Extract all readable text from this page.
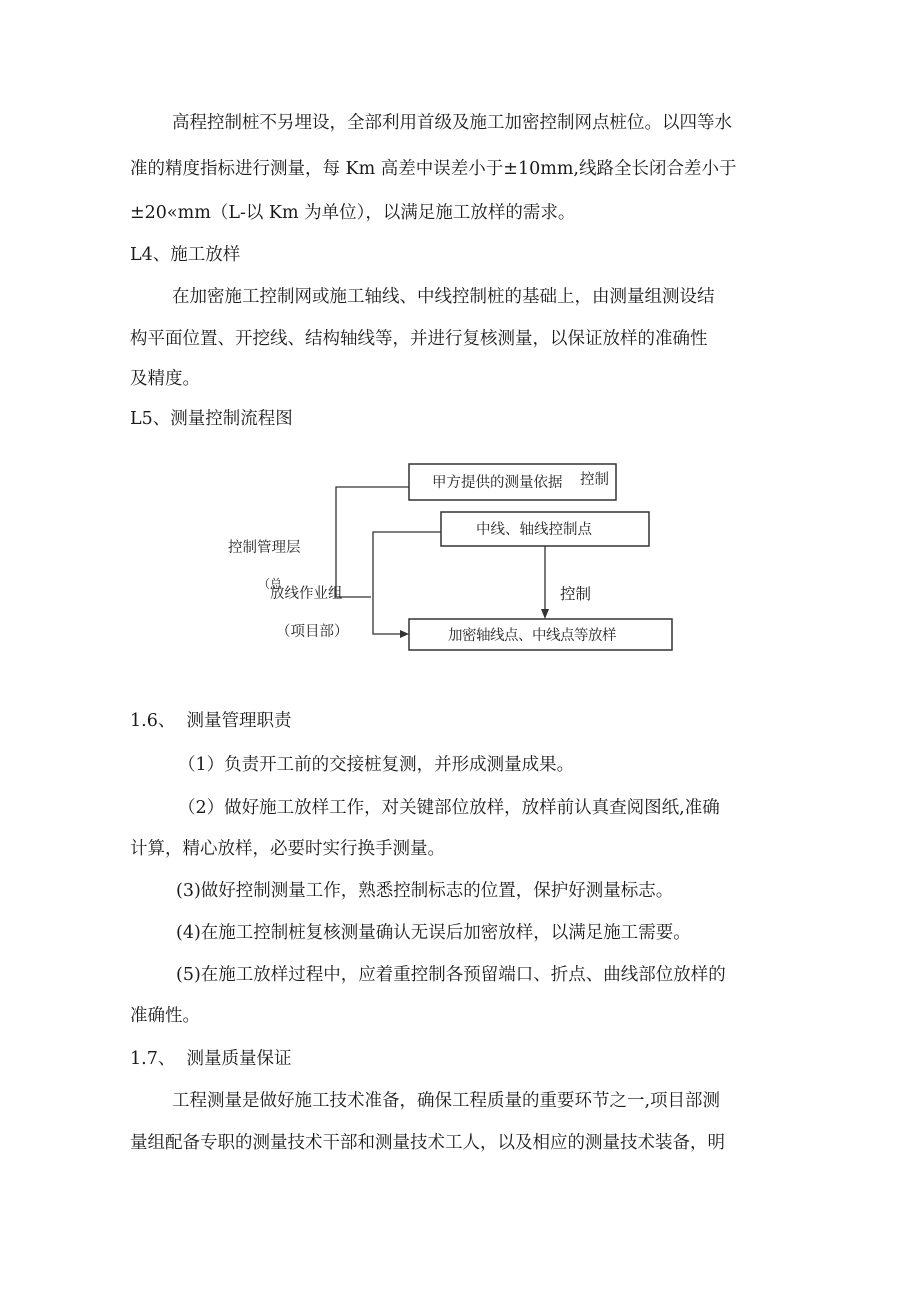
高程控制桩不另埋设，全部利用首级及施工加密控制网点桩位。以四等水
准的精度指标进行测量，每 Km 高差中误差小于±10mm,线路全长闭合差小于
±20«mm（L-以 Km 为单位），以满足施工放样的需求。
L4、施工放样
在加密施工控制网或施工轴线、中线控制桩的基础上，由测量组测设结
构平面位置、开挖线、结构轴线等，并进行复核测量，以保证放样的准确性
及精度。
L5、测量控制流程图
甲方提供的测量依据 控制
中线、轴线控制点
加密轴线点、中线点等放样
控制
控制管理层
（总
放线作业组
（项目部）
1.6、  测量管理职责
（1）负责开工前的交接桩复测，并形成测量成果。
（2）做好施工放样工作，对关键部位放样，放样前认真查阅图纸,准确
计算，精心放样，必要时实行换手测量。
(3)做好控制测量工作，熟悉控制标志的位置，保护好测量标志。
(4)在施工控制桩复核测量确认无误后加密放样，以满足施工需要。
(5)在施工放样过程中，应着重控制各预留端口、折点、曲线部位放样的
准确性。
1.7、  测量质量保证
工程测量是做好施工技术准备，确保工程质量的重要环节之一,项目部测
量组配备专职的测量技术干部和测量技术工人，以及相应的测量技术装备，明
